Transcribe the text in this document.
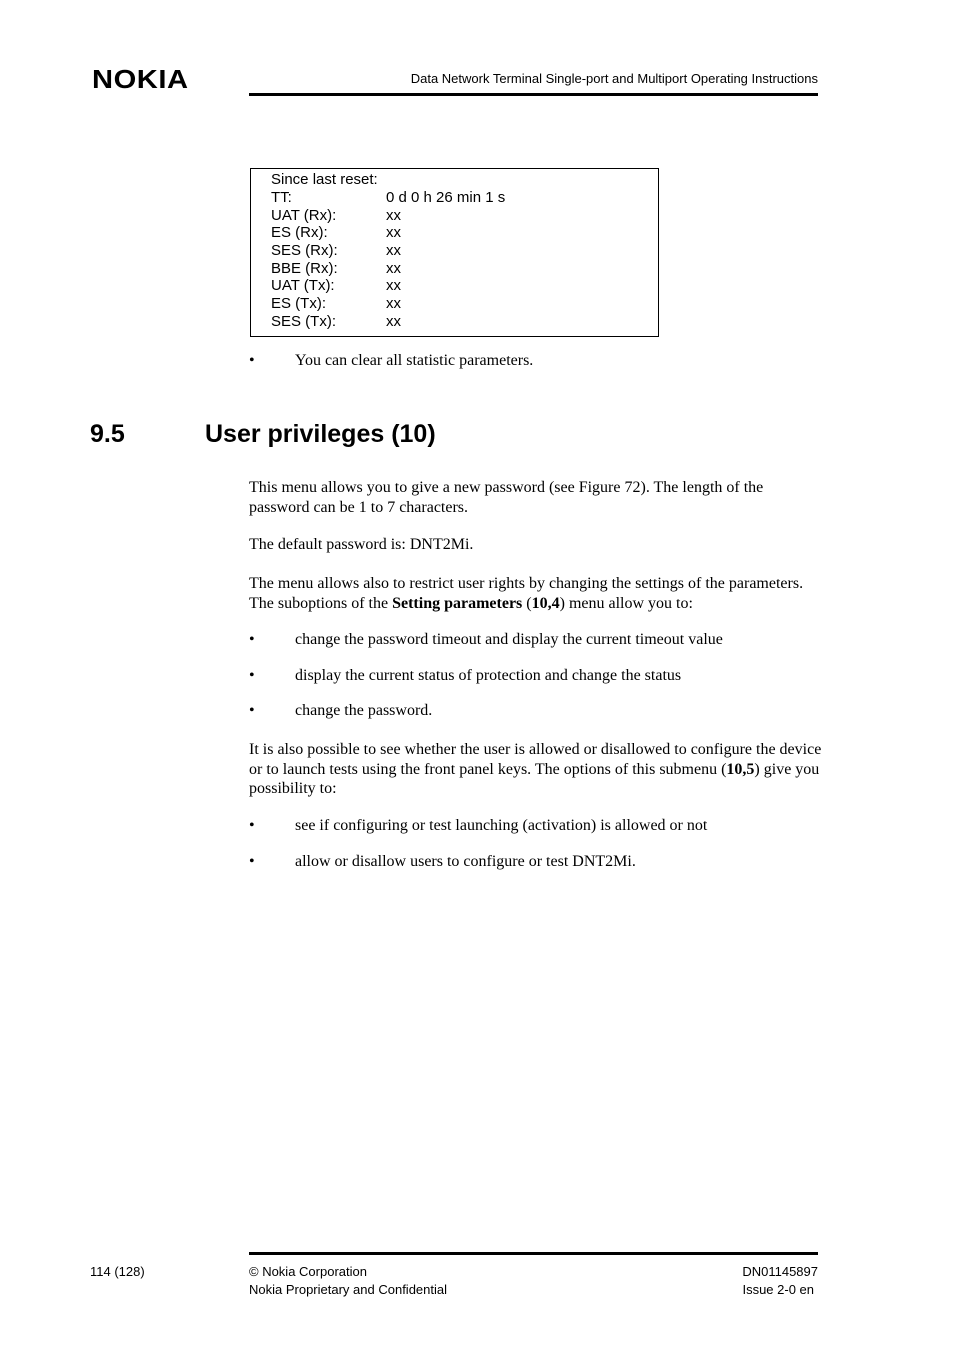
NOKIA	Data Network Terminal Single-port and Multiport Operating Instructions
Since last reset:
TT:	0 d 0 h 26 min 1 s
UAT (Rx):	xx
ES (Rx):	xx
SES (Rx):	xx
BBE (Rx):	xx
UAT (Tx):	xx
ES (Tx):	xx
SES (Tx):	xx
•	You can clear all statistic parameters.
9.5	User privileges (10)
This menu allows you to give a new password (see Figure 72). The length of the password can be 1 to 7 characters.
The default password is: DNT2Mi.
The menu allows also to restrict user rights by changing the settings of the parameters. The suboptions of the Setting parameters (10,4) menu allow you to:
•	change the password timeout and display the current timeout value
•	display the current status of protection and change the status
•	change the password.
It is also possible to see whether the user is allowed or disallowed to configure the device or to launch tests using the front panel keys. The options of this submenu (10,5) give you possibility to:
•	see if configuring or test launching (activation) is allowed or not
•	allow or disallow users to configure or test DNT2Mi.
114 (128)	© Nokia Corporation
Nokia Proprietary and Confidential
DN01145897
Issue 2-0 en
